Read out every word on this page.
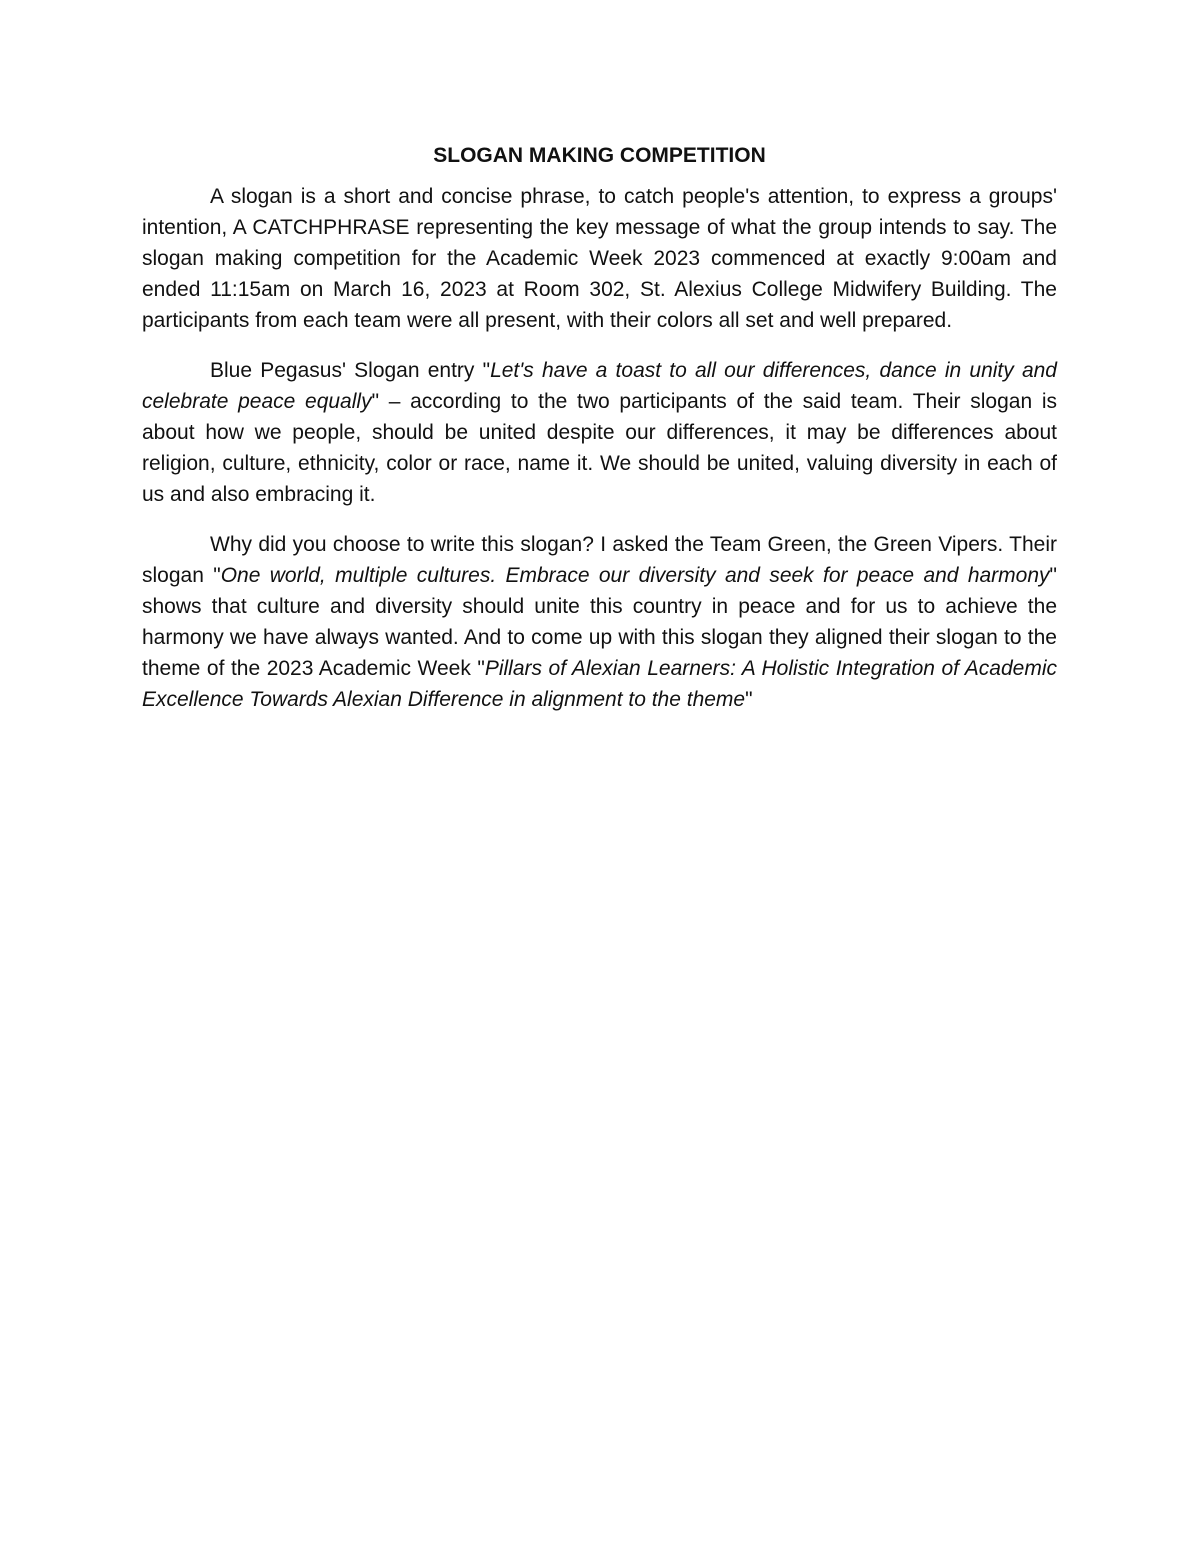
SLOGAN MAKING COMPETITION

A slogan is a short and concise phrase, to catch people's attention, to express a groups' intention, A CATCHPHRASE representing the key message of what the group intends to say. The slogan making competition for the Academic Week 2023 commenced at exactly 9:00am and ended 11:15am on March 16, 2023 at Room 302, St. Alexius College Midwifery Building. The participants from each team were all present, with their colors all set and well prepared.

Blue Pegasus' Slogan entry "Let's have a toast to all our differences, dance in unity and celebrate peace equally" – according to the two participants of the said team. Their slogan is about how we people, should be united despite our differences, it may be differences about religion, culture, ethnicity, color or race, name it. We should be united, valuing diversity in each of us and also embracing it.

Why did you choose to write this slogan? I asked the Team Green, the Green Vipers. Their slogan "One world, multiple cultures. Embrace our diversity and seek for peace and harmony" shows that culture and diversity should unite this country in peace and for us to achieve the harmony we have always wanted. And to come up with this slogan they aligned their slogan to the theme of the 2023 Academic Week "Pillars of Alexian Learners: A Holistic Integration of Academic Excellence Towards Alexian Difference in alignment to the theme"
